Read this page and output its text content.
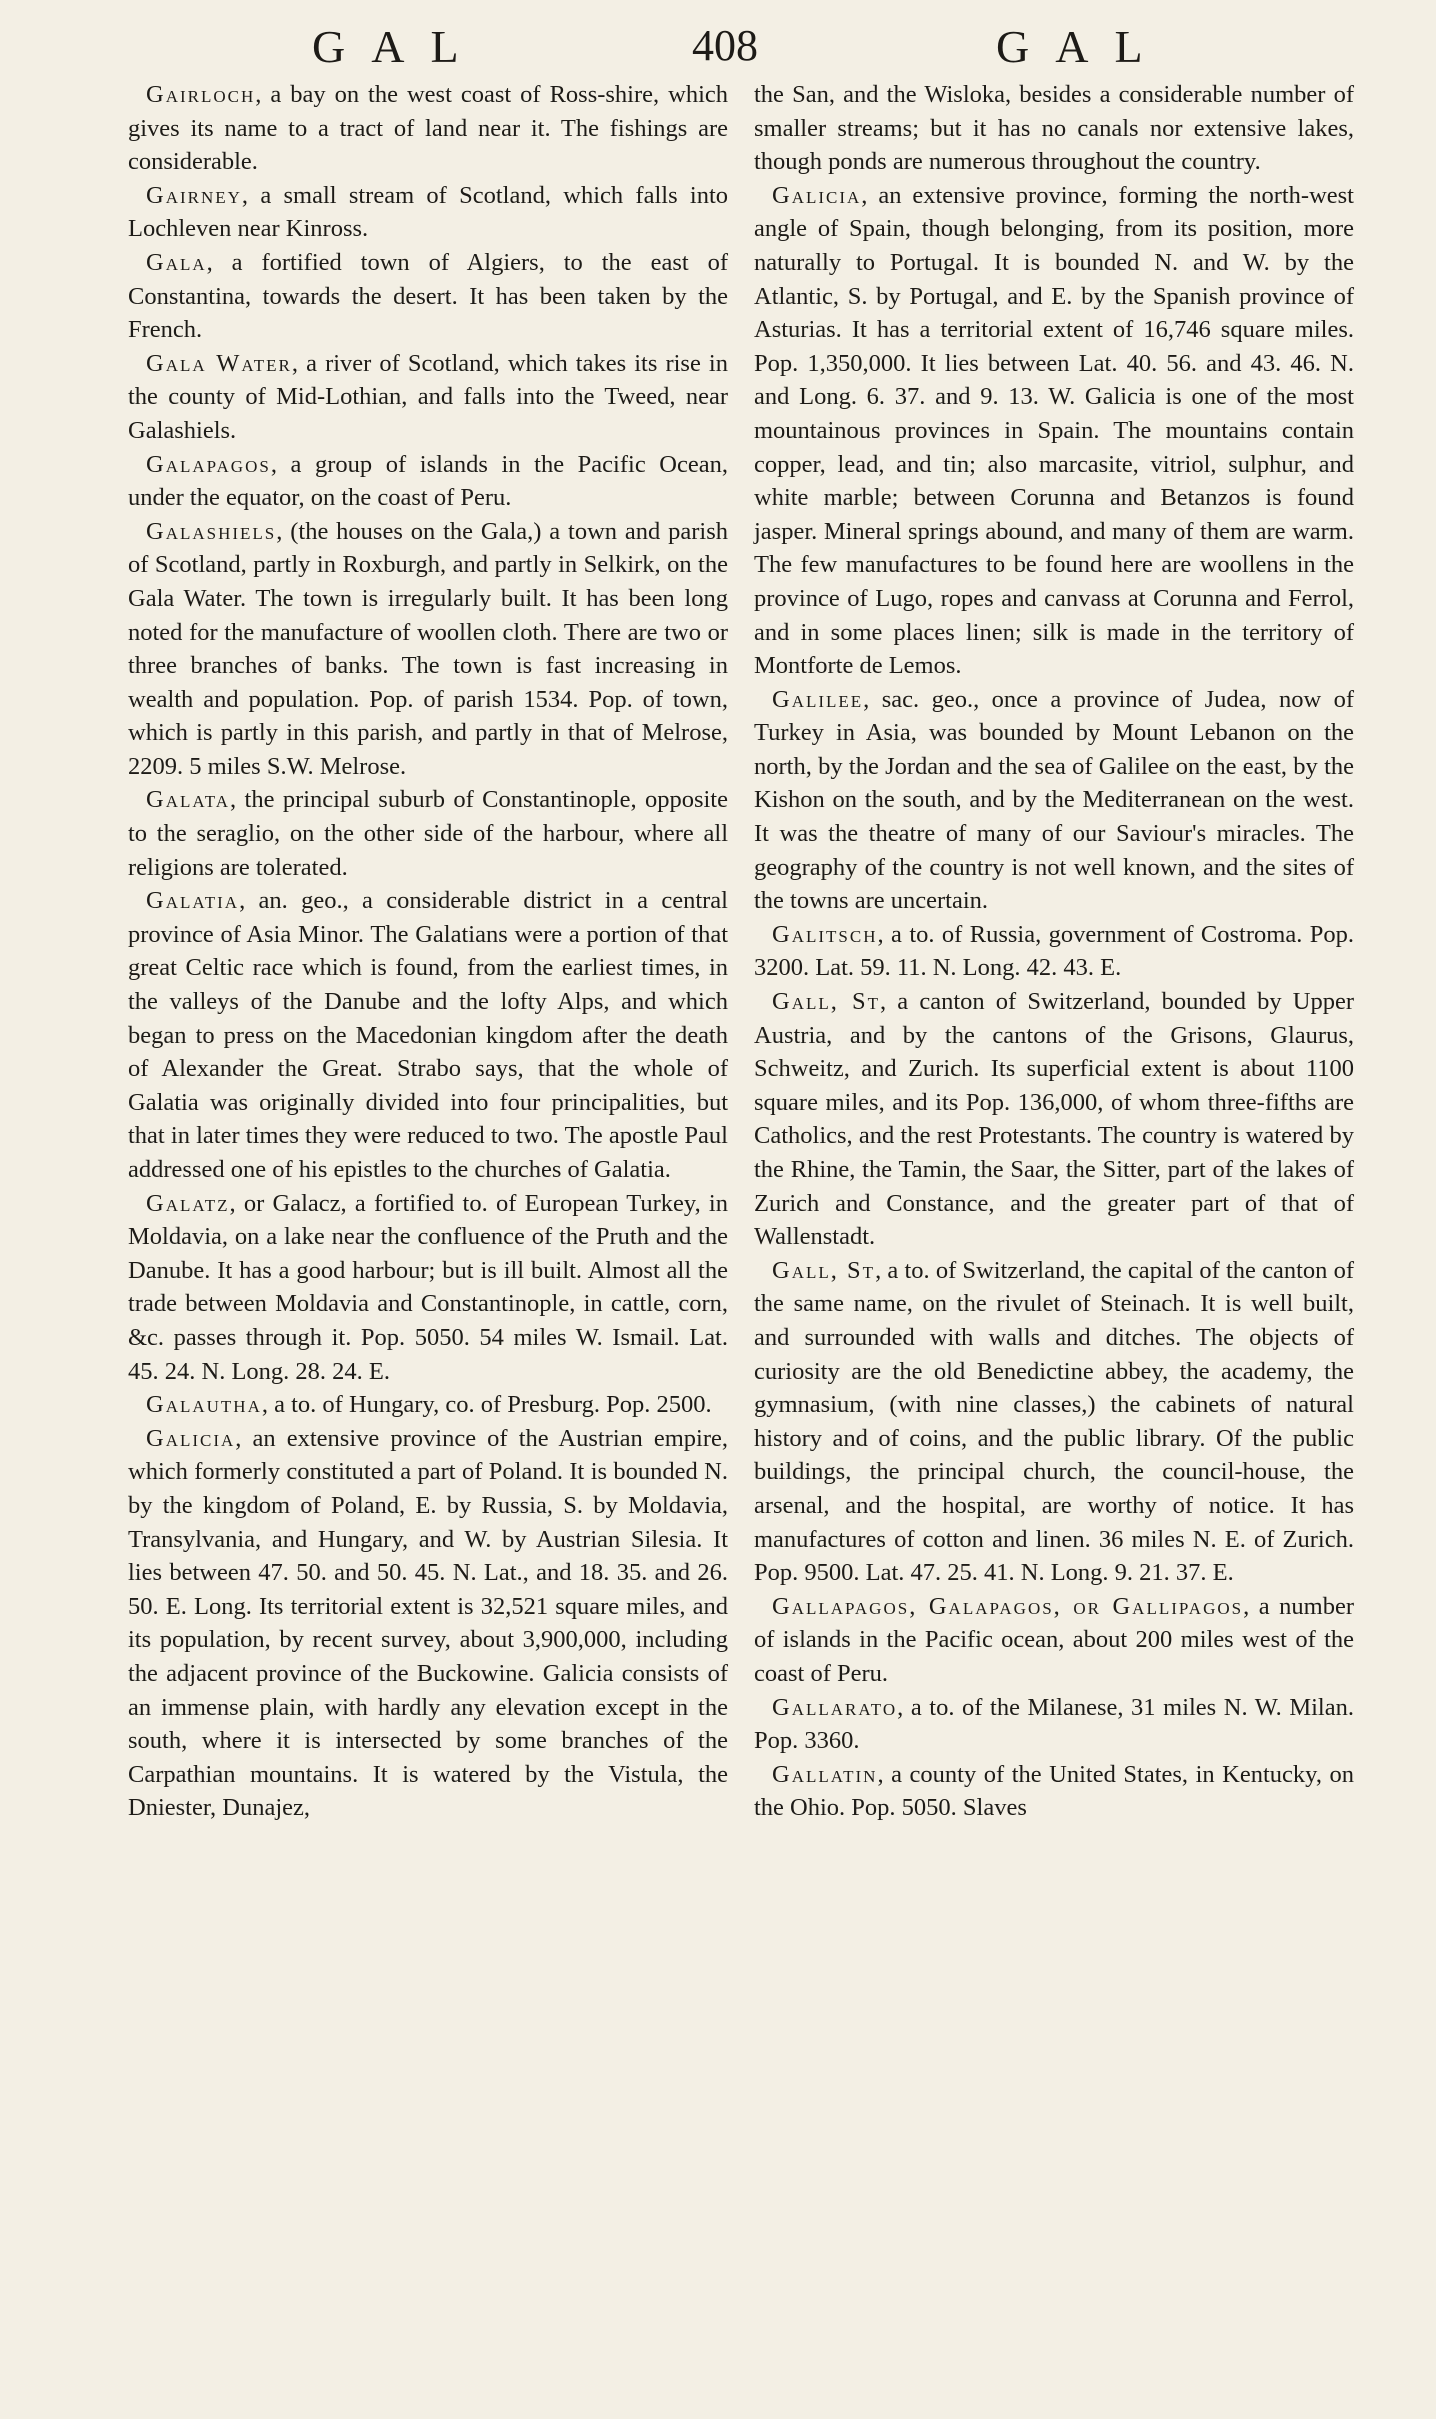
GAL	408	GAL

Gairloch, a bay on the west coast of Ross-shire, which gives its name to a tract of land near it. The fishings are considerable.

Gairney, a small stream of Scotland, which falls into Lochleven near Kinross.

Gala, a fortified town of Algiers, to the east of Constantina, towards the desert. It has been taken by the French.

Gala Water, a river of Scotland, which takes its rise in the county of Mid-Lothian, and falls into the Tweed, near Galashiels.

Galapagos, a group of islands in the Pacific Ocean, under the equator, on the coast of Peru.

Galashiels, (the houses on the Gala,) a town and parish of Scotland, partly in Roxburgh, and partly in Selkirk, on the Gala Water. The town is irregularly built. It has been long noted for the manufacture of woollen cloth. There are two or three branches of banks. The town is fast increasing in wealth and population. Pop. of parish 1534. Pop. of town, which is partly in this parish, and partly in that of Melrose, 2209. 5 miles S.W. Melrose.

Galata, the principal suburb of Constantinople, opposite to the seraglio, on the other side of the harbour, where all religions are tolerated.

Galatia, an. geo., a considerable district in a central province of Asia Minor. The Galatians were a portion of that great Celtic race which is found, from the earliest times, in the valleys of the Danube and the lofty Alps, and which began to press on the Macedonian kingdom after the death of Alexander the Great. Strabo says, that the whole of Galatia was originally divided into four principalities, but that in later times they were reduced to two. The apostle Paul addressed one of his epistles to the churches of Galatia.

Galatz, or Galacz, a fortified to. of European Turkey, in Moldavia, on a lake near the confluence of the Pruth and the Danube. It has a good harbour; but is ill built. Almost all the trade between Moldavia and Constantinople, in cattle, corn, &c. passes through it. Pop. 5050. 54 miles W. Ismail. Lat. 45. 24. N. Long. 28. 24. E.

Galautha, a to. of Hungary, co. of Presburg. Pop. 2500.

Galicia, an extensive province of the Austrian empire, which formerly constituted a part of Poland. It is bounded N. by the kingdom of Poland, E. by Russia, S. by Moldavia, Transylvania, and Hungary, and W. by Austrian Silesia. It lies between 47. 50. and 50. 45. N. Lat., and 18. 35. and 26. 50. E. Long. Its territorial extent is 32,521 square miles, and its population, by recent survey, about 3,900,000, including the adjacent province of the Buckowine. Galicia consists of an immense plain, with hardly any elevation except in the south, where it is intersected by some branches of the Carpathian mountains. It is watered by the Vistula, the Dniester, Dunajez,

the San, and the Wisloka, besides a considerable number of smaller streams; but it has no canals nor extensive lakes, though ponds are numerous throughout the country.

Galicia, an extensive province, forming the north-west angle of Spain, though belonging, from its position, more naturally to Portugal. It is bounded N. and W. by the Atlantic, S. by Portugal, and E. by the Spanish province of Asturias. It has a territorial extent of 16,746 square miles. Pop. 1,350,000. It lies between Lat. 40. 56. and 43. 46. N. and Long. 6. 37. and 9. 13. W. Galicia is one of the most mountainous provinces in Spain. The mountains contain copper, lead, and tin; also marcasite, vitriol, sulphur, and white marble; between Corunna and Betanzos is found jasper. Mineral springs abound, and many of them are warm. The few manufactures to be found here are woollens in the province of Lugo, ropes and canvass at Corunna and Ferrol, and in some places linen; silk is made in the territory of Montforte de Lemos.

Galilee, sac. geo., once a province of Judea, now of Turkey in Asia, was bounded by Mount Lebanon on the north, by the Jordan and the sea of Galilee on the east, by the Kishon on the south, and by the Mediterranean on the west. It was the theatre of many of our Saviour's miracles. The geography of the country is not well known, and the sites of the towns are uncertain.

Galitsch, a to. of Russia, government of Costroma. Pop. 3200. Lat. 59. 11. N. Long. 42. 43. E.

Gall, St, a canton of Switzerland, bounded by Upper Austria, and by the cantons of the Grisons, Glaurus, Schweitz, and Zurich. Its superficial extent is about 1100 square miles, and its Pop. 136,000, of whom three-fifths are Catholics, and the rest Protestants. The country is watered by the Rhine, the Tamin, the Saar, the Sitter, part of the lakes of Zurich and Constance, and the greater part of that of Wallenstadt.

Gall, St, a to. of Switzerland, the capital of the canton of the same name, on the rivulet of Steinach. It is well built, and surrounded with walls and ditches. The objects of curiosity are the old Benedictine abbey, the academy, the gymnasium, (with nine classes,) the cabinets of natural history and of coins, and the public library. Of the public buildings, the principal church, the council-house, the arsenal, and the hospital, are worthy of notice. It has manufactures of cotton and linen. 36 miles N. E. of Zurich. Pop. 9500. Lat. 47. 25. 41. N. Long. 9. 21. 37. E.

Gallapagos, Galapagos, or Gallipagos, a number of islands in the Pacific ocean, about 200 miles west of the coast of Peru.

Gallarato, a to. of the Milanese, 31 miles N. W. Milan. Pop. 3360.

Gallatin, a county of the United States, in Kentucky, on the Ohio. Pop. 5050. Slaves
